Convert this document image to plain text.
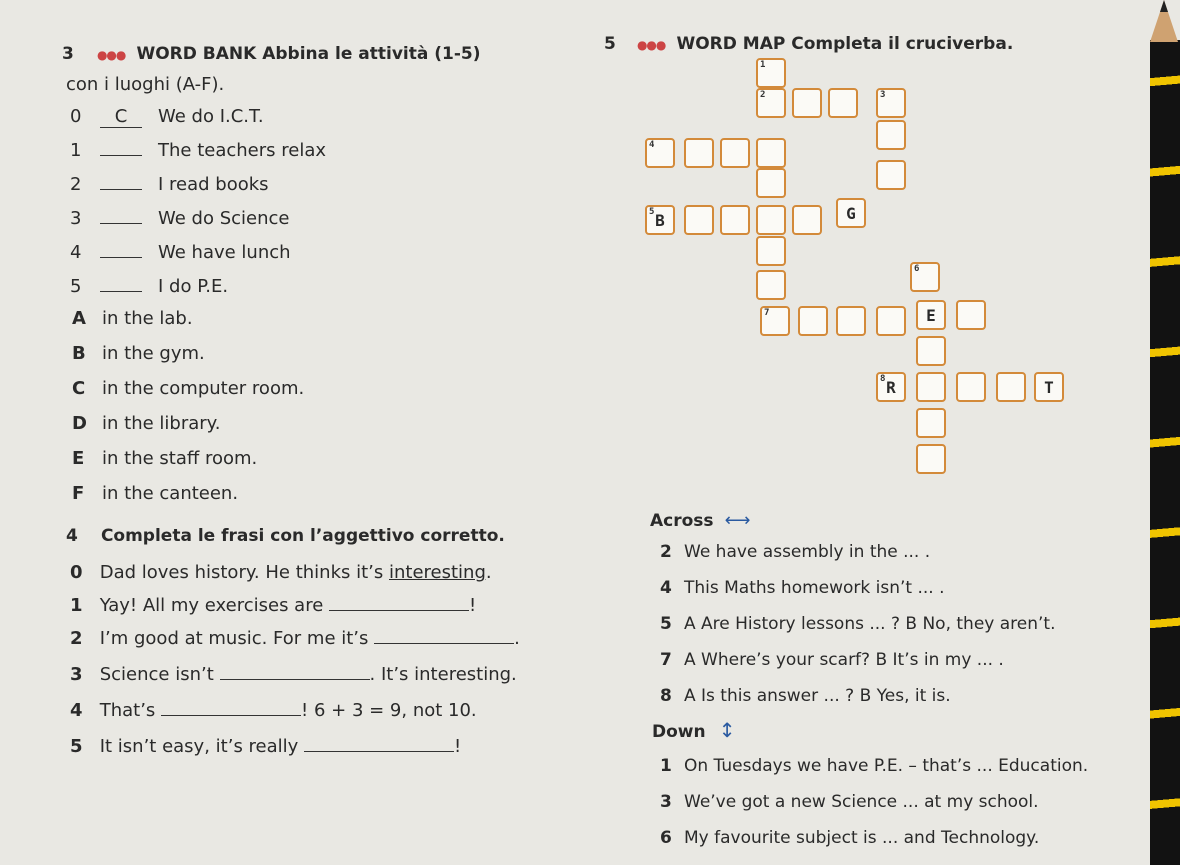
3 ●●● WORD BANK Abbina le attività (1-5)
con i luoghi (A-F).
0 C We do I.C.T.
1	The teachers relax
2	I read books
3	We do Science
4	We have lunch
5	I do P.E.
A in the lab.
B in the gym.
C in the computer room.
D in the library.
E in the staff room.
F in the canteen.
4 Completa le frasi con l’aggettivo corretto.
0 Dad loves history. He thinks it’s interesting.
1 Yay! All my exercises are	!
2 I’m good at music. For me it’s	.
3 Science isn’t	. It’s interesting.
4 That’s	! 6 + 3 = 9, not 10.
5 It isn’t easy, it’s really	!
5 ●●● WORD MAP Completa il cruciverba.
1
2	3
4
B
5	G
6
7	E
R
8	T
Across ⟷
2 We have assembly in the ... .
4 This Maths homework isn’t ... .
5 A Are History lessons ... ? B No, they aren’t.
7 A Where’s your scarf? B It’s in my ... .
8 A Is this answer ... ? B Yes, it is.
Down ↕
1 On Tuesdays we have P.E. – that’s ... Education.
3 We’ve got a new Science ... at my school.
6 My favourite subject is ... and Technology.
